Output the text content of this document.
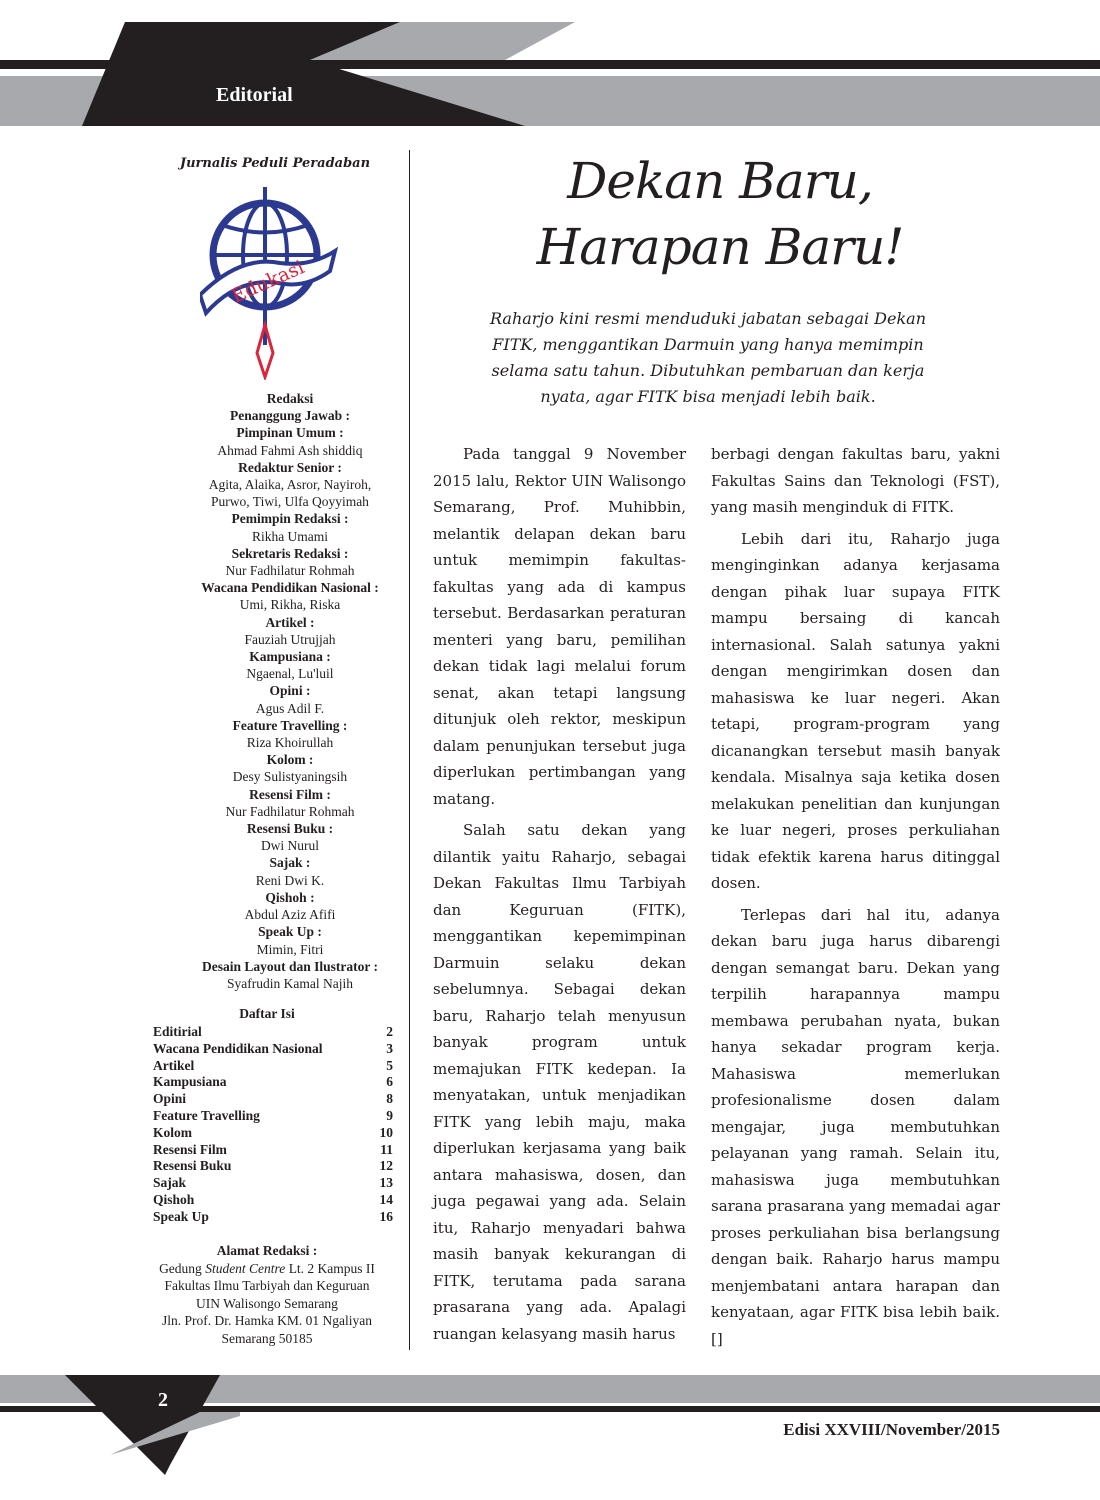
Editorial
Jurnalis Peduli Peradaban
Edukasi
Redaksi
Penanggung Jawab :
Pimpinan Umum :
Ahmad Fahmi Ash shiddiq
Redaktur Senior :
Agita, Alaika, Asror, Nayiroh,
Purwo, Tiwi, Ulfa Qoyyimah
Pemimpin Redaksi :
Rikha Umami
Sekretaris Redaksi :
Nur Fadhilatur Rohmah
Wacana Pendidikan Nasional :
Umi, Rikha, Riska
Artikel :
Fauziah Utrujjah
Kampusiana :
Ngaenal, Lu'luil
Opini :
Agus Adil F.
Feature Travelling :
Riza Khoirullah
Kolom :
Desy Sulistyaningsih
Resensi Film :
Nur Fadhilatur Rohmah
Resensi Buku :
Dwi Nurul
Sajak :
Reni Dwi K.
Qishoh :
Abdul Aziz Afifi
Speak Up :
Mimin, Fitri
Desain Layout dan Ilustrator :
Syafrudin Kamal Najih
Daftar Isi
Editirial	2
Wacana Pendidikan Nasional	3
Artikel	5
Kampusiana	6
Opini	8
Feature Travelling	9
Kolom	10
Resensi Film	11
Resensi Buku	12
Sajak	13
Qishoh	14
Speak Up	16
Alamat Redaksi :
Gedung Student Centre Lt. 2 Kampus II
Fakultas Ilmu Tarbiyah dan Keguruan
UIN Walisongo Semarang
Jln. Prof. Dr. Hamka KM. 01 Ngaliyan
Semarang 50185
Dekan Baru,
Harapan Baru!
Raharjo kini resmi menduduki jabatan sebagai Dekan FITK, menggantikan Darmuin yang hanya memimpin selama satu tahun. Dibutuhkan pembaruan dan kerja nyata, agar FITK bisa menjadi lebih baik.

Pada tanggal 9 November 2015 lalu, Rektor UIN Walisongo Semarang, Prof. Muhibbin, melantik delapan dekan baru untuk memimpin fakultas-fakultas yang ada di kampus tersebut. Berdasarkan peraturan menteri yang baru, pemilihan dekan tidak lagi melalui forum senat, akan tetapi langsung ditunjuk oleh rektor, meskipun dalam penunjukan tersebut juga diperlukan pertimbangan yang matang.

Salah satu dekan yang dilantik yaitu Raharjo, sebagai Dekan Fakultas Ilmu Tarbiyah dan Keguruan (FITK), menggantikan kepemimpinan Darmuin selaku dekan sebelumnya. Sebagai dekan baru, Raharjo telah menyusun banyak program untuk memajukan FITK kedepan. Ia menyatakan, untuk menjadikan FITK yang lebih maju, maka diperlukan kerjasama yang baik antara mahasiswa, dosen, dan juga pegawai yang ada. Selain itu, Raharjo menyadari bahwa masih banyak kekurangan di FITK, terutama pada sarana prasarana yang ada. Apalagi ruangan kelasyang masih harus

berbagi dengan fakultas baru, yakni Fakultas Sains dan Teknologi (FST), yang masih menginduk di FITK.

Lebih dari itu, Raharjo juga menginginkan adanya kerjasama dengan pihak luar supaya FITK mampu bersaing di kancah internasional. Salah satunya yakni dengan mengirimkan dosen dan mahasiswa ke luar negeri. Akan tetapi, program-program yang dicanangkan tersebut masih banyak kendala. Misalnya saja ketika dosen melakukan penelitian dan kunjungan ke luar negeri, proses perkuliahan tidak efektik karena harus ditinggal dosen.

Terlepas dari hal itu, adanya dekan baru juga harus dibarengi dengan semangat baru. Dekan yang terpilih harapannya mampu membawa perubahan nyata, bukan hanya sekadar program kerja. Mahasiswa memerlukan profesionalisme dosen dalam mengajar, juga membutuhkan pelayanan yang ramah. Selain itu, mahasiswa juga membutuhkan sarana prasarana yang memadai agar proses perkuliahan bisa berlangsung dengan baik. Raharjo harus mampu menjembatani antara harapan dan kenyataan, agar FITK bisa lebih baik. []

2
Edisi XXVIII/November/2015
